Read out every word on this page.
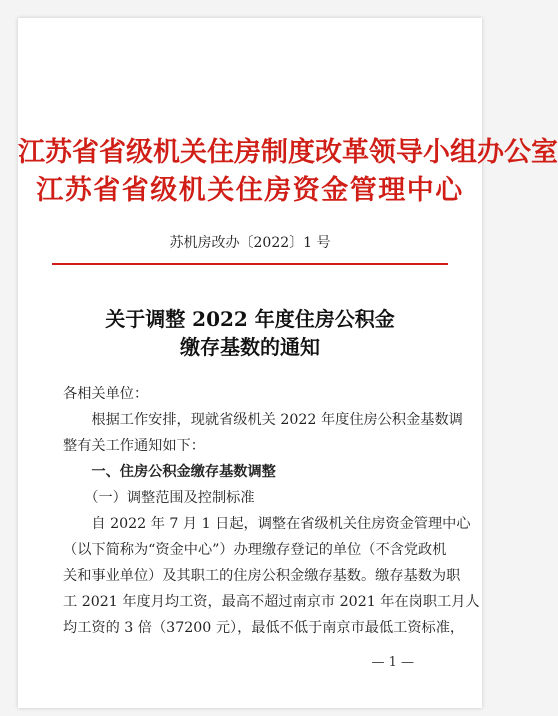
江苏省省级机关住房制度改革领导小组办公室
江苏省省级机关住房资金管理中心
苏机房改办〔2022〕1 号
关于调整 2022 年度住房公积金
缴存基数的通知
各相关单位：
　　根据工作安排，现就省级机关 2022 年度住房公积金基数调
整有关工作通知如下：
　　一、住房公积金缴存基数调整
　　（一）调整范围及控制标准
　　自 2022 年 7 月 1 日起，调整在省级机关住房资金管理中心
（以下简称为“资金中心”）办理缴存登记的单位（不含党政机
关和事业单位）及其职工的住房公积金缴存基数。缴存基数为职
工 2021 年度月均工资，最高不超过南京市 2021 年在岗职工月人
均工资的 3 倍（37200 元），最低不低于南京市最低工资标准，
— 1 —
